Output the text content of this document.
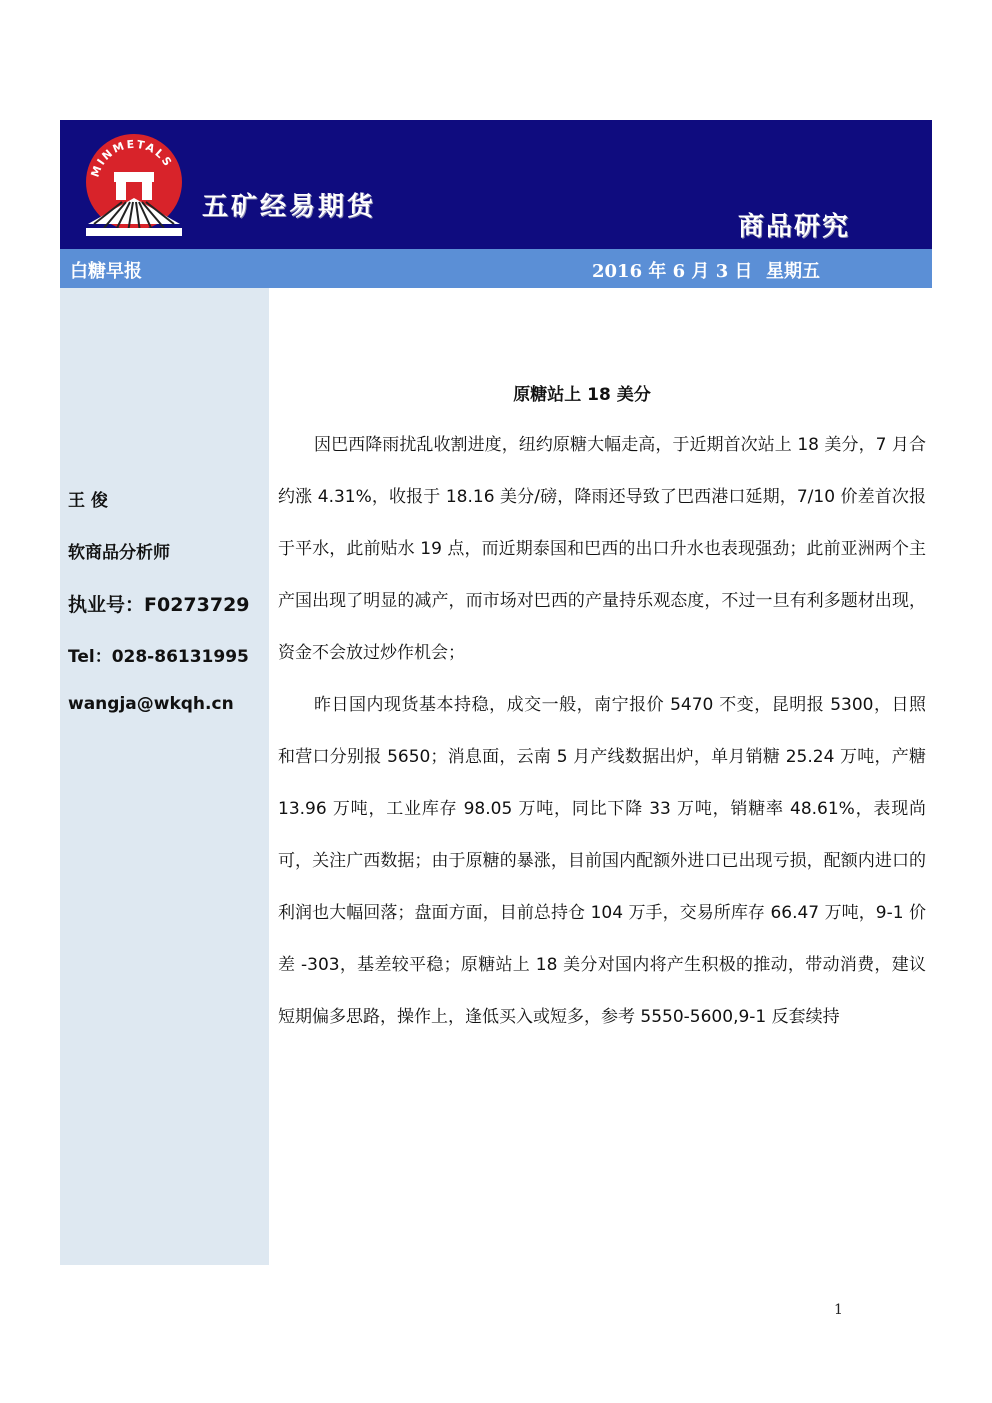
MINMETALS
五矿经易期货
商品研究
白糖早报	2016 年 6 月 3 日 星期五
王 俊
软商品分析师
执业号：F0273729
Tel：028-86131995
wangja@wkqh.cn
原糖站上 18 美分

因巴西降雨扰乱收割进度，纽约原糖大幅走高，于近期首次站上 18 美分，7 月合约涨 4.31%，收报于 18.16 美分/磅，降雨还导致了巴西港口延期，7/10 价差首次报于平水，此前贴水 19 点，而近期泰国和巴西的出口升水也表现强劲；此前亚洲两个主产国出现了明显的减产，而市场对巴西的产量持乐观态度，不过一旦有利多题材出现，资金不会放过炒作机会；

昨日国内现货基本持稳，成交一般，南宁报价 5470 不变，昆明报 5300，日照和营口分别报 5650；消息面，云南 5 月产线数据出炉，单月销糖 25.24 万吨，产糖 13.96 万吨，工业库存 98.05 万吨，同比下降 33 万吨，销糖率 48.61%，表现尚可，关注广西数据；由于原糖的暴涨，目前国内配额外进口已出现亏损，配额内进口的利润也大幅回落；盘面方面，目前总持仓 104 万手，交易所库存 66.47 万吨，9-1 价差 -303，基差较平稳；原糖站上 18 美分对国内将产生积极的推动，带动消费，建议短期偏多思路，操作上，逢低买入或短多，参考 5550-5600,9-1 反套续持

1
